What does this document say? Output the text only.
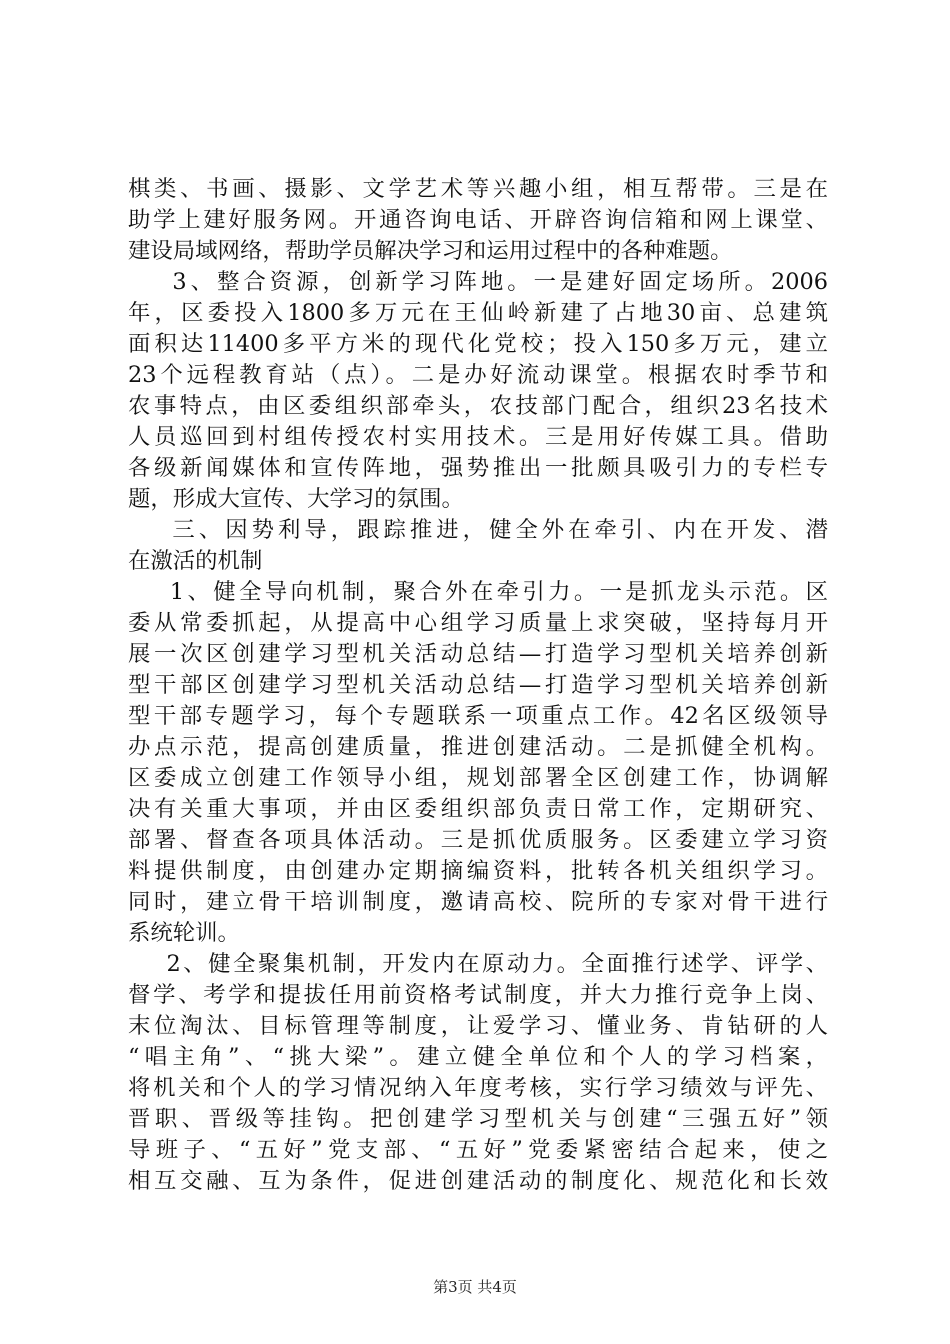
棋类、书画、摄影、文学艺术等兴趣小组，相互帮带。三是在
助学上建好服务网。开通咨询电话、开辟咨询信箱和网上课堂、
建设局域网络，帮助学员解决学习和运用过程中的各种难题。
3、整合资源，创新学习阵地。一是建好固定场所。2006
年，区委投入1800多万元在王仙岭新建了占地30亩、总建筑
面积达11400多平方米的现代化党校；投入150多万元，建立
23个远程教育站（点）。二是办好流动课堂。根据农时季节和
农事特点，由区委组织部牵头，农技部门配合，组织23名技术
人员巡回到村组传授农村实用技术。三是用好传媒工具。借助
各级新闻媒体和宣传阵地，强势推出一批颇具吸引力的专栏专
题，形成大宣传、大学习的氛围。
三、因势利导，跟踪推进，健全外在牵引、内在开发、潜
在激活的机制
1、健全导向机制，聚合外在牵引力。一是抓龙头示范。区
委从常委抓起，从提高中心组学习质量上求突破，坚持每月开
展一次区创建学习型机关活动总结—打造学习型机关培养创新
型干部区创建学习型机关活动总结—打造学习型机关培养创新
型干部专题学习，每个专题联系一项重点工作。42名区级领导
办点示范，提高创建质量，推进创建活动。二是抓健全机构。
区委成立创建工作领导小组，规划部署全区创建工作，协调解
决有关重大事项，并由区委组织部负责日常工作，定期研究、
部署、督查各项具体活动。三是抓优质服务。区委建立学习资
料提供制度，由创建办定期摘编资料，批转各机关组织学习。
同时，建立骨干培训制度，邀请高校、院所的专家对骨干进行
系统轮训。
2、健全聚集机制，开发内在原动力。全面推行述学、评学、
督学、考学和提拔任用前资格考试制度，并大力推行竞争上岗、
末位淘汰、目标管理等制度，让爱学习、懂业务、肯钻研的人
“唱主角”、“挑大梁”。建立健全单位和个人的学习档案，
将机关和个人的学习情况纳入年度考核，实行学习绩效与评先、
晋职、晋级等挂钩。把创建学习型机关与创建“三强五好”领
导班子、“五好”党支部、“五好”党委紧密结合起来，使之
相互交融、互为条件，促进创建活动的制度化、规范化和长效
第3页 共4页
